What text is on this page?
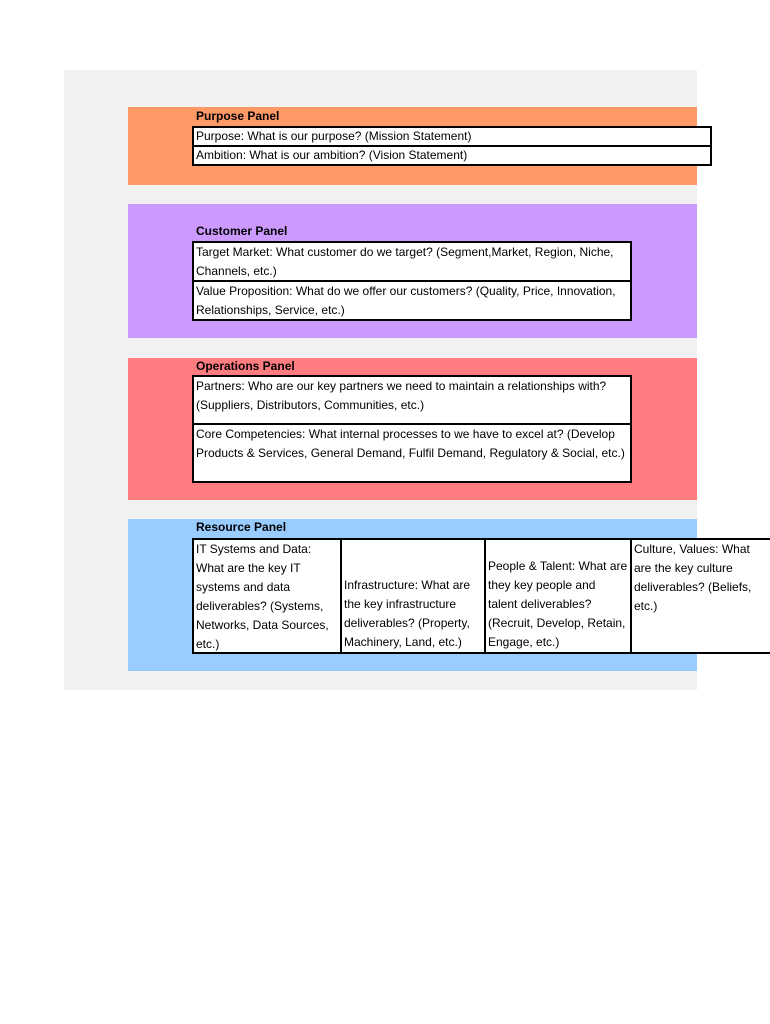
Purpose Panel
Purpose: What is our purpose? (Mission Statement)
Ambition: What is our ambition? (Vision Statement)
Customer Panel
Target Market: What customer do we target? (Segment,Market, Region, Niche, Channels, etc.)
Value Proposition: What do we offer our customers? (Quality, Price, Innovation, Relationships, Service, etc.)
Operations Panel
Partners: Who are our key partners we need to maintain a relationships with? (Suppliers, Distributors, Communities, etc.)
Core Competencies: What internal processes to we have to excel at? (Develop Products & Services, General Demand, Fulfil Demand, Regulatory & Social, etc.)
Resource Panel
IT Systems and Data: What are the key IT systems and data deliverables? (Systems, Networks, Data Sources, etc.)
Infrastructure: What are the key infrastructure deliverables? (Property, Machinery, Land, etc.)
People & Talent: What are they key people and talent deliverables? (Recruit, Develop, Retain, Engage, etc.)
Culture, Values: What are the key culture deliverables? (Beliefs, etc.)
